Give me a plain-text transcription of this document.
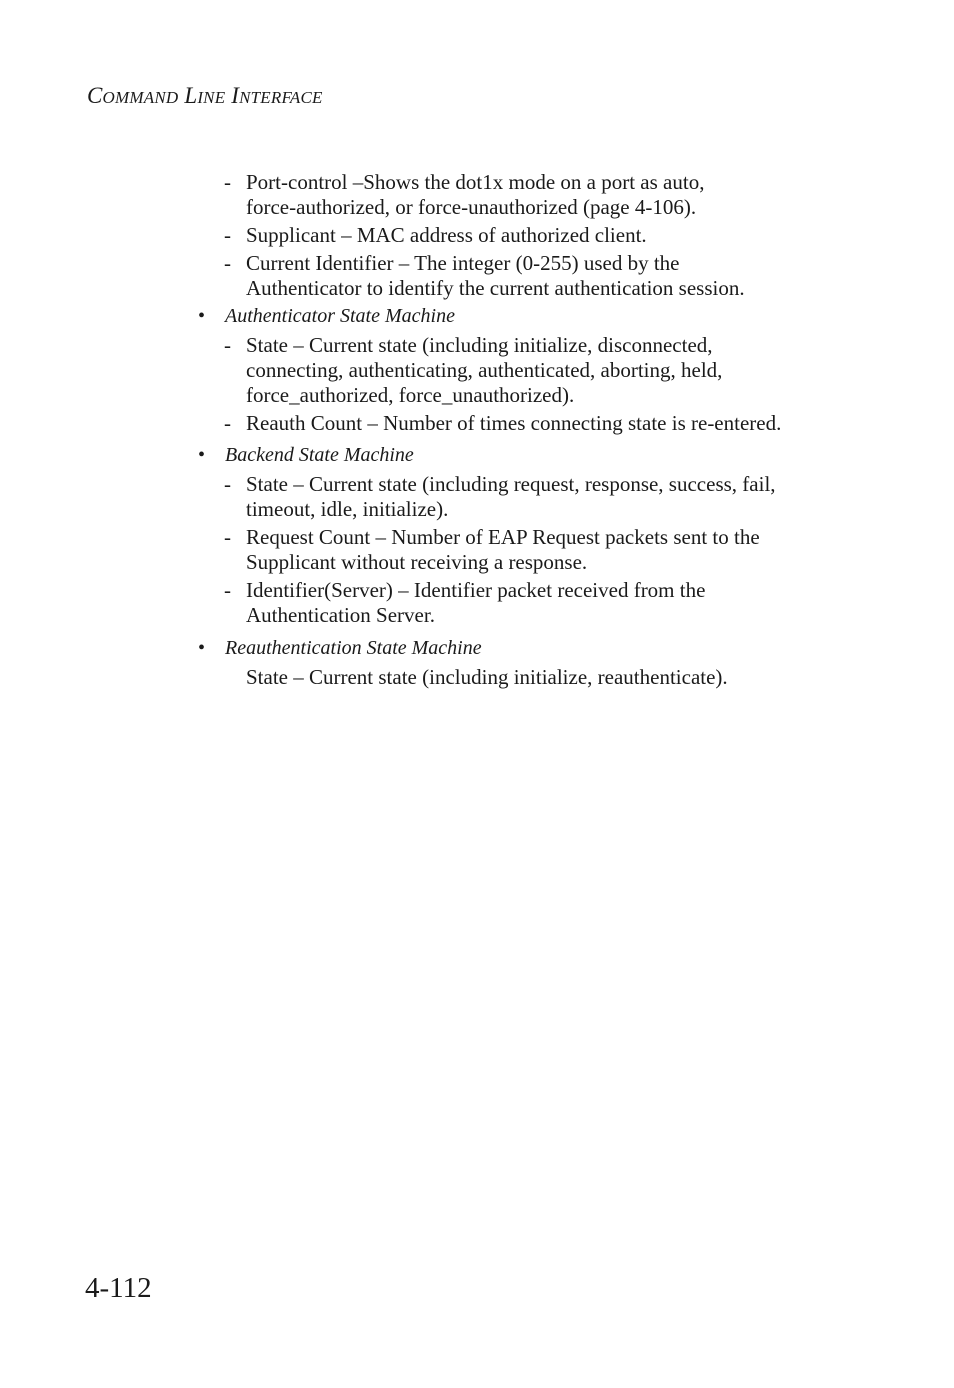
COMMAND LINE INTERFACE
- Port-control –Shows the dot1x mode on a port as auto,
force-authorized, or force-unauthorized (page 4-106).
- Supplicant – MAC address of authorized client.
- Current Identifier – The integer (0-255) used by the
Authenticator to identify the current authentication session.
• Authenticator State Machine
- State – Current state (including initialize, disconnected,
connecting, authenticating, authenticated, aborting, held,
force_authorized, force_unauthorized).
- Reauth Count – Number of times connecting state is re-entered.
• Backend State Machine
- State – Current state (including request, response, success, fail,
timeout, idle, initialize).
- Request Count – Number of EAP Request packets sent to the
Supplicant without receiving a response.
- Identifier(Server) – Identifier packet received from the
Authentication Server.
• Reauthentication State Machine
State – Current state (including initialize, reauthenticate).
4-112
